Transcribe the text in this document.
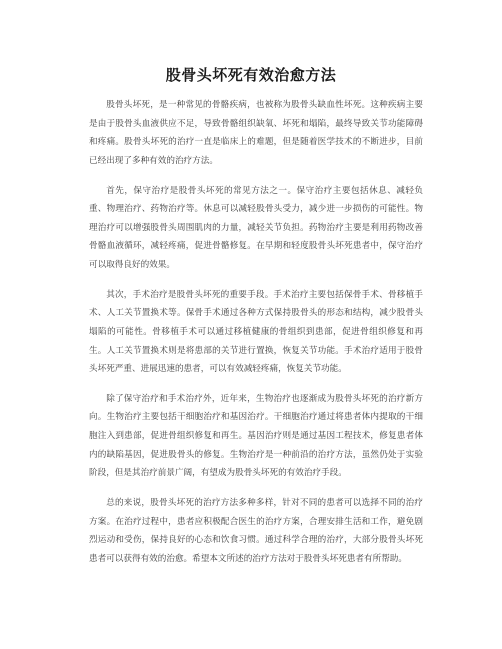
股骨头坏死有效治愈方法

股骨头坏死，是一种常见的骨骼疾病，也被称为股骨头缺血性坏死。这种疾病主要是由于股骨头血液供应不足，导致骨骼组织缺氧、坏死和塌陷，最终导致关节功能障碍和疼痛。股骨头坏死的治疗一直是临床上的难题，但是随着医学技术的不断进步，目前已经出现了多种有效的治疗方法。

首先，保守治疗是股骨头坏死的常见方法之一。保守治疗主要包括休息、减轻负重、物理治疗、药物治疗等。休息可以减轻股骨头受力，减少进一步损伤的可能性。物理治疗可以增强股骨头周围肌肉的力量，减轻关节负担。药物治疗主要是利用药物改善骨骼血液循环，减轻疼痛，促进骨骼修复。在早期和轻度股骨头坏死患者中，保守治疗可以取得良好的效果。

其次，手术治疗是股骨头坏死的重要手段。手术治疗主要包括保骨手术、骨移植手术、人工关节置换术等。保骨手术通过各种方式保持股骨头的形态和结构，减少股骨头塌陷的可能性。骨移植手术可以通过移植健康的骨组织到患部，促进骨组织修复和再生。人工关节置换术则是将患部的关节进行置换，恢复关节功能。手术治疗适用于股骨头坏死严重、进展迅速的患者，可以有效减轻疼痛，恢复关节功能。

除了保守治疗和手术治疗外，近年来，生物治疗也逐渐成为股骨头坏死的治疗新方向。生物治疗主要包括干细胞治疗和基因治疗。干细胞治疗通过将患者体内提取的干细胞注入到患部，促进骨组织修复和再生。基因治疗则是通过基因工程技术，修复患者体内的缺陷基因，促进股骨头的修复。生物治疗是一种前沿的治疗方法，虽然仍处于实验阶段，但是其治疗前景广阔，有望成为股骨头坏死的有效治疗手段。

总的来说，股骨头坏死的治疗方法多种多样，针对不同的患者可以选择不同的治疗方案。在治疗过程中，患者应积极配合医生的治疗方案，合理安排生活和工作，避免剧烈运动和受伤，保持良好的心态和饮食习惯。通过科学合理的治疗，大部分股骨头坏死患者可以获得有效的治愈。希望本文所述的治疗方法对于股骨头坏死患者有所帮助。
